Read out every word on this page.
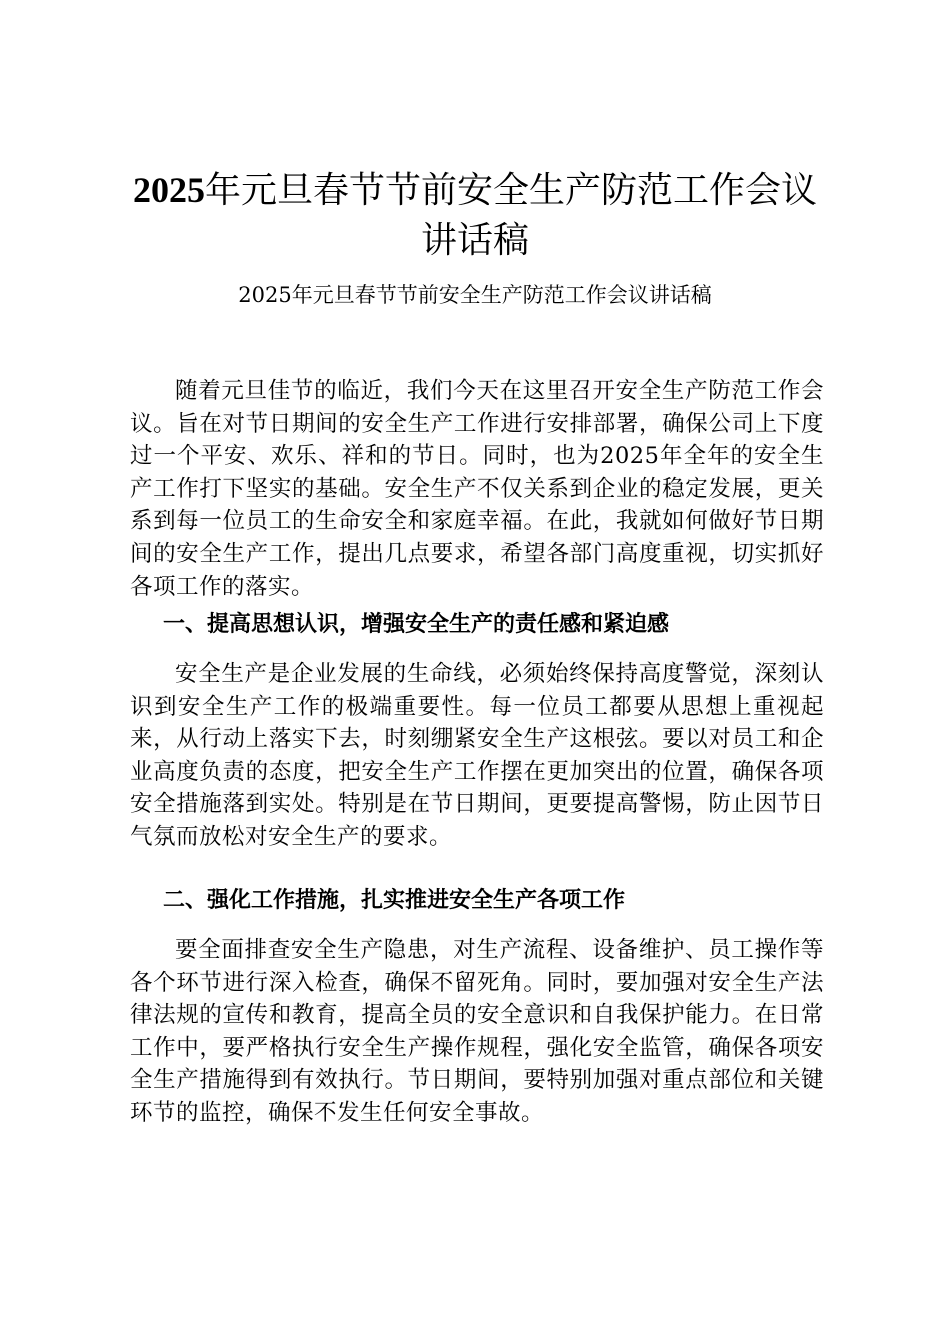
2025年元旦春节节前安全生产防范工作会议
讲话稿

2025年元旦春节节前安全生产防范工作会议讲话稿

随着元旦佳节的临近，我们今天在这里召开安全生产防范工作会议。旨在对节日期间的安全生产工作进行安排部署，确保公司上下度过一个平安、欢乐、祥和的节日。同时，也为2025年全年的安全生产工作打下坚实的基础。安全生产不仅关系到企业的稳定发展，更关系到每一位员工的生命安全和家庭幸福。在此，我就如何做好节日期间的安全生产工作，提出几点要求，希望各部门高度重视，切实抓好各项工作的落实。

一、提高思想认识，增强安全生产的责任感和紧迫感

安全生产是企业发展的生命线，必须始终保持高度警觉，深刻认识到安全生产工作的极端重要性。每一位员工都要从思想上重视起来，从行动上落实下去，时刻绷紧安全生产这根弦。要以对员工和企业高度负责的态度，把安全生产工作摆在更加突出的位置，确保各项安全措施落到实处。特别是在节日期间，更要提高警惕，防止因节日气氛而放松对安全生产的要求。

二、强化工作措施，扎实推进安全生产各项工作

要全面排查安全生产隐患，对生产流程、设备维护、员工操作等各个环节进行深入检查，确保不留死角。同时，要加强对安全生产法律法规的宣传和教育，提高全员的安全意识和自我保护能力。在日常工作中，要严格执行安全生产操作规程，强化安全监管，确保各项安全生产措施得到有效执行。节日期间，要特别加强对重点部位和关键环节的监控，确保不发生任何安全事故。
